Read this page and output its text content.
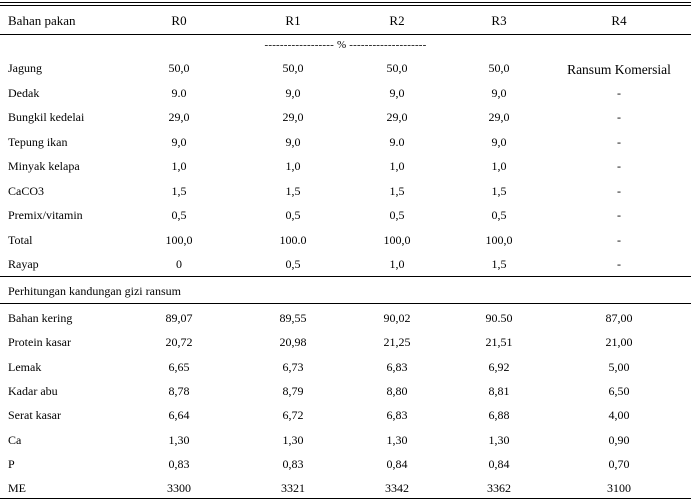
Bahan pakan	R0	R1	R2	R3	R4
------------------ % --------------------
Jagung	50,0	50,0	50,0	50,0	Ransum Komersial
Dedak	9.0	9,0	9,0	9,0	-
Bungkil kedelai	29,0	29,0	29,0	29,0	-
Tepung ikan	9,0	9,0	9.0	9,0	-
Minyak kelapa	1,0	1,0	1,0	1,0	-
CaCO3	1,5	1,5	1,5	1,5	-
Premix/vitamin	0,5	0,5	0,5	0,5	-
Total	100,0	100.0	100,0	100,0	-
Rayap	0	0,5	1,0	1,5	-
Perhitungan kandungan gizi ransum
Bahan kering	89,07	89,55	90,02	90.50	87,00
Protein kasar	20,72	20,98	21,25	21,51	21,00
Lemak	6,65	6,73	6,83	6,92	5,00
Kadar abu	8,78	8,79	8,80	8,81	6,50
Serat kasar	6,64	6,72	6,83	6,88	4,00
Ca	1,30	1,30	1,30	1,30	0,90
P	0,83	0,83	0,84	0,84	0,70
ME	3300	3321	3342	3362	3100
